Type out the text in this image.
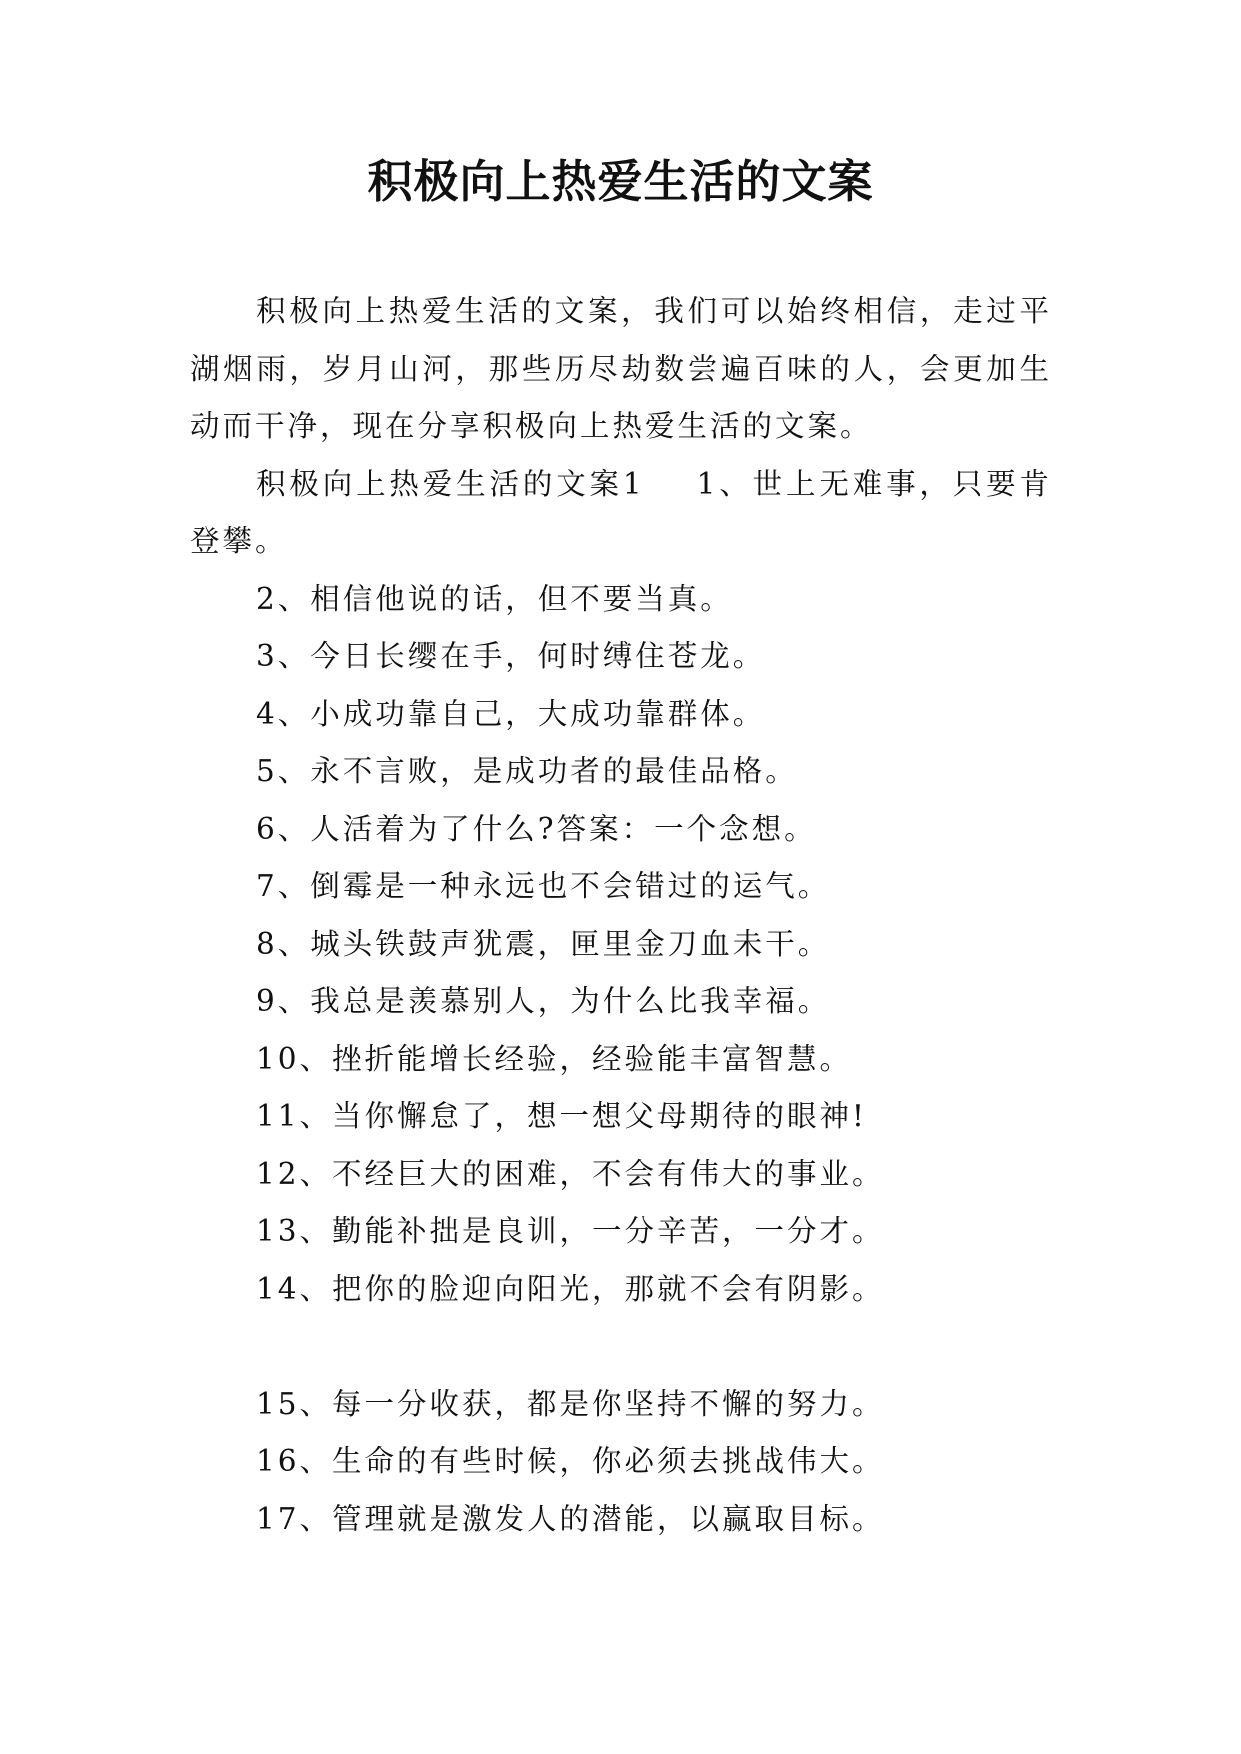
积极向上热爱生活的文案

积极向上热爱生活的文案，我们可以始终相信，走过平湖烟雨，岁月山河，那些历尽劫数尝遍百味的人，会更加生动而干净，现在分享积极向上热爱生活的文案。

积极向上热爱生活的文案1 1、世上无难事，只要肯登攀。

2、相信他说的话，但不要当真。

3、今日长缨在手，何时缚住苍龙。

4、小成功靠自己，大成功靠群体。

5、永不言败，是成功者的最佳品格。

6、人活着为了什么?答案：一个念想。

7、倒霉是一种永远也不会错过的运气。

8、城头铁鼓声犹震，匣里金刀血未干。

9、我总是羡慕别人，为什么比我幸福。

10、挫折能增长经验，经验能丰富智慧。

11、当你懈怠了，想一想父母期待的眼神!

12、不经巨大的困难，不会有伟大的事业。

13、勤能补拙是良训，一分辛苦，一分才。

14、把你的脸迎向阳光，那就不会有阴影。

15、每一分收获，都是你坚持不懈的努力。

16、生命的有些时候，你必须去挑战伟大。

17、管理就是激发人的潜能，以赢取目标。
